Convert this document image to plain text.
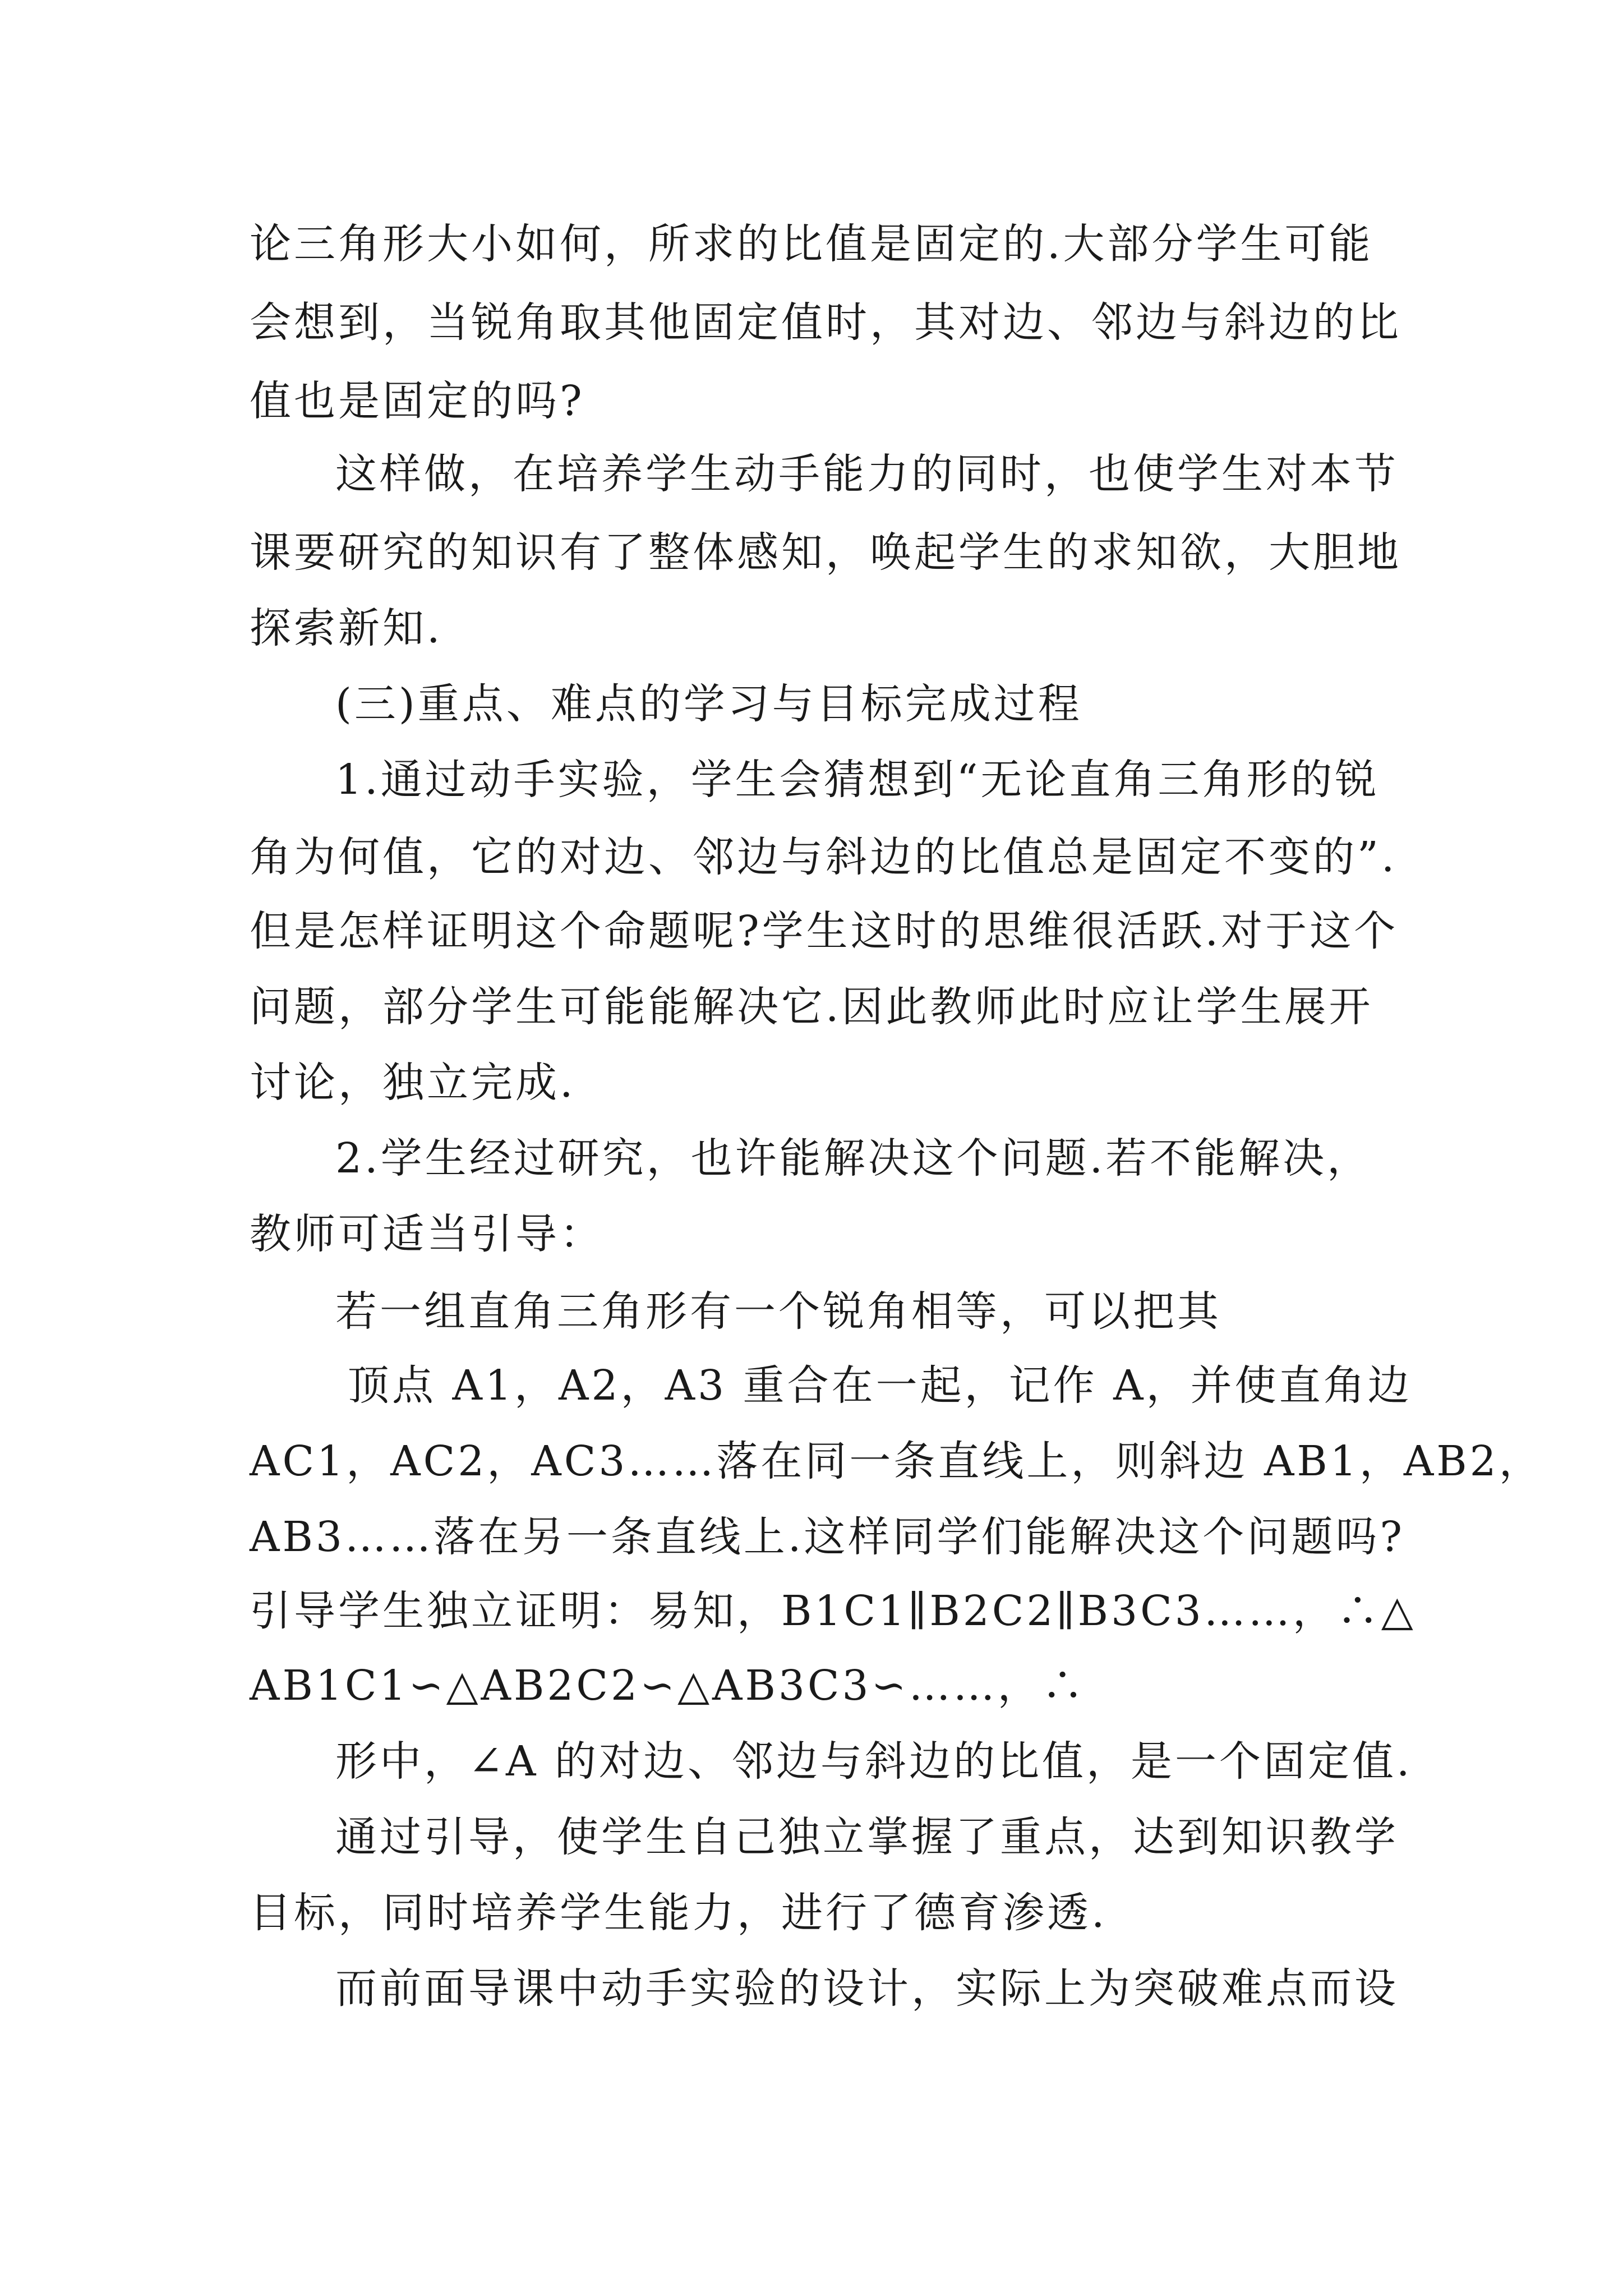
论三角形大小如何，所求的比值是固定的.大部分学生可能
会想到，当锐角取其他固定值时，其对边、邻边与斜边的比
值也是固定的吗?
这样做，在培养学生动手能力的同时，也使学生对本节
课要研究的知识有了整体感知，唤起学生的求知欲，大胆地
探索新知.
(三)重点、难点的学习与目标完成过程
1.通过动手实验，学生会猜想到“无论直角三角形的锐
角为何值，它的对边、邻边与斜边的比值总是固定不变的”.
但是怎样证明这个命题呢?学生这时的思维很活跃.对于这个
问题，部分学生可能能解决它.因此教师此时应让学生展开
讨论，独立完成.
2.学生经过研究，也许能解决这个问题.若不能解决，
教师可适当引导：
若一组直角三角形有一个锐角相等，可以把其
顶点 A1，A2，A3 重合在一起，记作 A，并使直角边
AC1，AC2，AC3……落在同一条直线上，则斜边 AB1，AB2，
AB3……落在另一条直线上.这样同学们能解决这个问题吗?
引导学生独立证明：易知，B1C1∥B2C2∥B3C3……，∴△
AB1C1∽△AB2C2∽△AB3C3∽……，∴
形中，∠A 的对边、邻边与斜边的比值，是一个固定值.
通过引导，使学生自己独立掌握了重点，达到知识教学
目标，同时培养学生能力，进行了德育渗透.
而前面导课中动手实验的设计，实际上为突破难点而设
